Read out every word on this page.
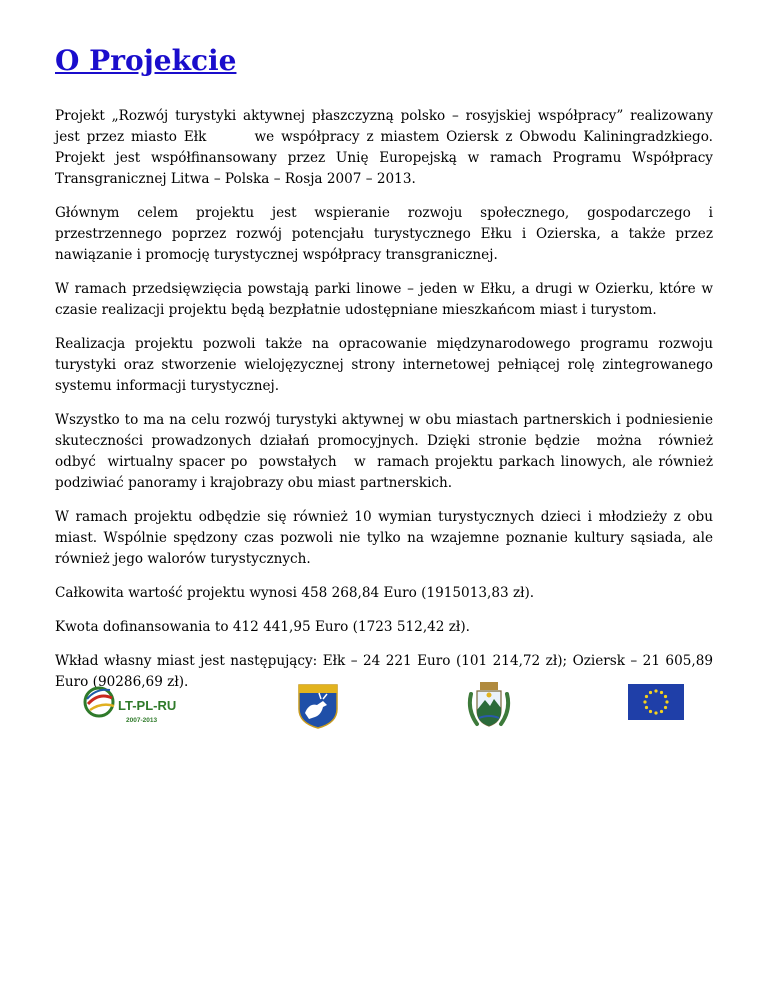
O Projekcie

Projekt „Rozwój turystyki aktywnej płaszczyzną polsko – rosyjskiej współpracy” realizowany jest przez miasto Ełk       we współpracy z miastem Oziersk z Obwodu Kaliningradzkiego. Projekt jest współfinansowany przez Unię Europejską w ramach Programu Współpracy Transgranicznej Litwa – Polska – Rosja 2007 – 2013.

Głównym celem projektu jest wspieranie rozwoju społecznego, gospodarczego i przestrzennego poprzez rozwój potencjału turystycznego Ełku i Ozierska, a także przez nawiązanie i promocję turystycznej współpracy transgranicznej.

W ramach przedsięwzięcia powstają parki linowe – jeden w Ełku, a drugi w Ozierku, które w czasie realizacji projektu będą bezpłatnie udostępniane mieszkańcom miast i turystom.

Realizacja projektu pozwoli także na opracowanie międzynarodowego programu rozwoju turystyki oraz stworzenie wielojęzycznej strony internetowej pełniącej rolę zintegrowanego systemu informacji turystycznej.

Wszystko to ma na celu rozwój turystyki aktywnej w obu miastach partnerskich i podniesienie skuteczności prowadzonych działań promocyjnych. Dzięki stronie będzie  można  również  odbyć  wirtualny spacer po  powstałych   w  ramach projektu parkach linowych, ale również podziwiać panoramy i krajobrazy obu miast partnerskich.

W ramach projektu odbędzie się również 10 wymian turystycznych dzieci i młodzieży z obu miast. Wspólnie spędzony czas pozwoli nie tylko na wzajemne poznanie kultury sąsiada, ale również jego walorów turystycznych.

Całkowita wartość projektu wynosi 458 268,84 Euro (1915013,83 zł).

Kwota dofinansowania to 412 441,95 Euro (1723 512,42 zł).

Wkład własny miast jest następujący: Ełk – 24 221 Euro (101 214,72 zł); Oziersk – 21 605,89 Euro (90286,69 zł).

LT-PL-RU
2007-2013
